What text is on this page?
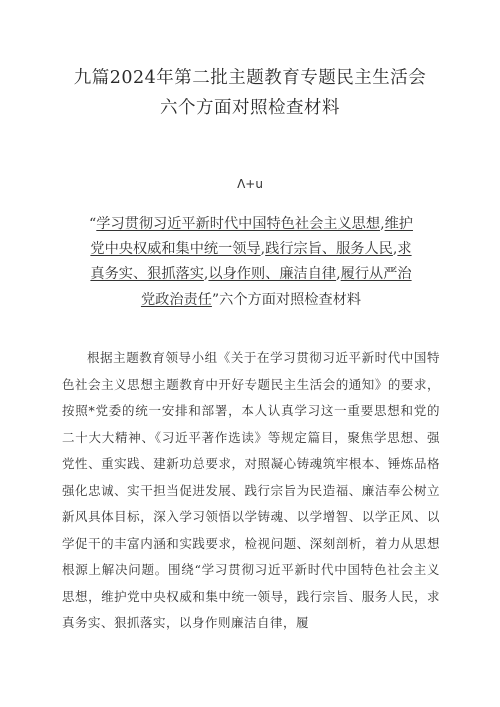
九篇2024年第二批主题教育专题民主生活会
六个方面对照检查材料
Λ+u
“学习贯彻习近平新时代中国特色社会主义思想,维护党中央权威和集中统一领导,践行宗旨、服务人民,求真务实、狠抓落实,以身作则、廉洁自律,履行从严治党政治责任”六个方面对照检查材料
根据主题教育领导小组《关于在学习贯彻习近平新时代中国特色社会主义思想主题教育中开好专题民主生活会的通知》的要求，按照*党委的统一安排和部署，本人认真学习这一重要思想和党的二十大大精神、《习近平著作选读》等规定篇目，聚焦学思想、强党性、重实践、建新功总要求，对照凝心铸魂筑牢根本、锤炼品格强化忠诚、实干担当促进发展、践行宗旨为民造福、廉洁奉公树立新风具体目标，深入学习领悟以学铸魂、以学增智、以学正风、以学促干的丰富内涵和实践要求，检视问题、深刻剖析，着力从思想根源上解决问题。围绕“学习贯彻习近平新时代中国特色社会主义思想，维护党中央权威和集中统一领导，践行宗旨、服务人民，求真务实、狠抓落实，以身作则廉洁自律，履
